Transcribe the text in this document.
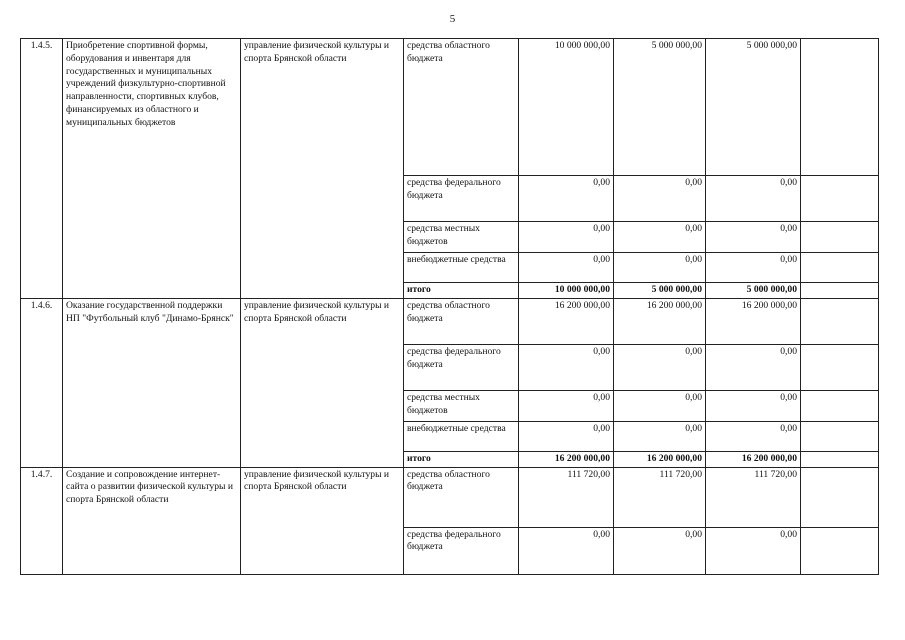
5
1.4.5.	Приобретение спортивной формы, оборудования и инвентаря для государственных и муниципальных учреждений физкультурно-спортивной направленности, спортивных клубов, финансируемых из областного и муниципальных бюджетов	управление физической культуры и спорта Брянской области	средства областного бюджета	10 000 000,00	5 000 000,00	5 000 000,00	
			средства федерального бюджета	0,00	0,00	0,00	
			средства местных бюджетов	0,00	0,00	0,00	
			внебюджетные средства	0,00	0,00	0,00	
			итого	10 000 000,00	5 000 000,00	5 000 000,00	
1.4.6.	Оказание государственной поддержки НП "Футбольный клуб "Динамо-Брянск"	управление физической культуры и спорта Брянской области	средства областного бюджета	16 200 000,00	16 200 000,00	16 200 000,00	
			средства федерального бюджета	0,00	0,00	0,00	
			средства местных бюджетов	0,00	0,00	0,00	
			внебюджетные средства	0,00	0,00	0,00	
			итого	16 200 000,00	16 200 000,00	16 200 000,00	
1.4.7.	Создание и сопровождение интернет-сайта о развитии физической культуры и спорта Брянской области	управление физической культуры и спорта Брянской области	средства областного бюджета	111 720,00	111 720,00	111 720,00	
			средства федерального бюджета	0,00	0,00	0,00	
